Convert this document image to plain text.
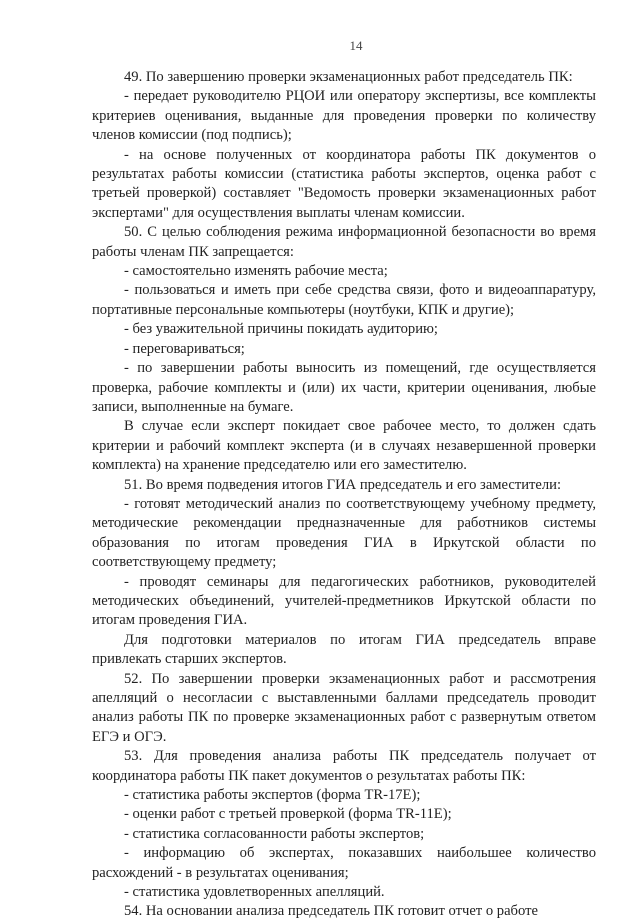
14

49. По завершению проверки экзаменационных работ председатель ПК:

- передает руководителю РЦОИ или оператору экспертизы, все комплекты критериев оценивания, выданные для проведения проверки по количеству членов комиссии (под подпись);

- на основе полученных от координатора работы ПК документов о результатах работы комиссии (статистика работы экспертов, оценка работ с третьей проверкой) составляет "Ведомость проверки экзаменационных работ экспертами" для осуществления выплаты членам комиссии.

50. С целью соблюдения режима информационной безопасности во время работы членам ПК запрещается:

- самостоятельно изменять рабочие места;

- пользоваться и иметь при себе средства связи, фото и видеоаппаратуру, портативные персональные компьютеры (ноутбуки, КПК и другие);

- без уважительной причины покидать аудиторию;

- переговариваться;

- по завершении работы выносить из помещений, где осуществляется проверка, рабочие комплекты и (или) их части, критерии оценивания, любые записи, выполненные на бумаге.

В случае если эксперт покидает свое рабочее место, то должен сдать критерии и рабочий комплект эксперта (и в случаях незавершенной проверки комплекта) на хранение председателю или его заместителю.

51. Во время подведения итогов ГИА председатель и его заместители:

- готовят методический анализ по соответствующему учебному предмету, методические рекомендации предназначенные для работников системы образования по итогам проведения ГИА в Иркутской области по соответствующему предмету;

- проводят семинары для педагогических работников, руководителей методических объединений, учителей-предметников Иркутской области по итогам проведения ГИА.

Для подготовки материалов по итогам ГИА председатель вправе привлекать старших экспертов.

52. По завершении проверки экзаменационных работ и рассмотрения апелляций о несогласии с выставленными баллами председатель проводит анализ работы ПК по проверке экзаменационных работ с развернутым ответом ЕГЭ и ОГЭ.

53. Для проведения анализа работы ПК председатель получает от координатора работы ПК пакет документов о результатах работы ПК:

- статистика работы экспертов (форма TR-17E);

- оценки работ с третьей проверкой (форма TR-11E);

- статистика согласованности работы экспертов;

- информацию об экспертах, показавших наибольшее количество расхождений - в результатах оценивания;

- статистика удовлетворенных апелляций.

54. На основании анализа председатель ПК готовит отчет о работе
